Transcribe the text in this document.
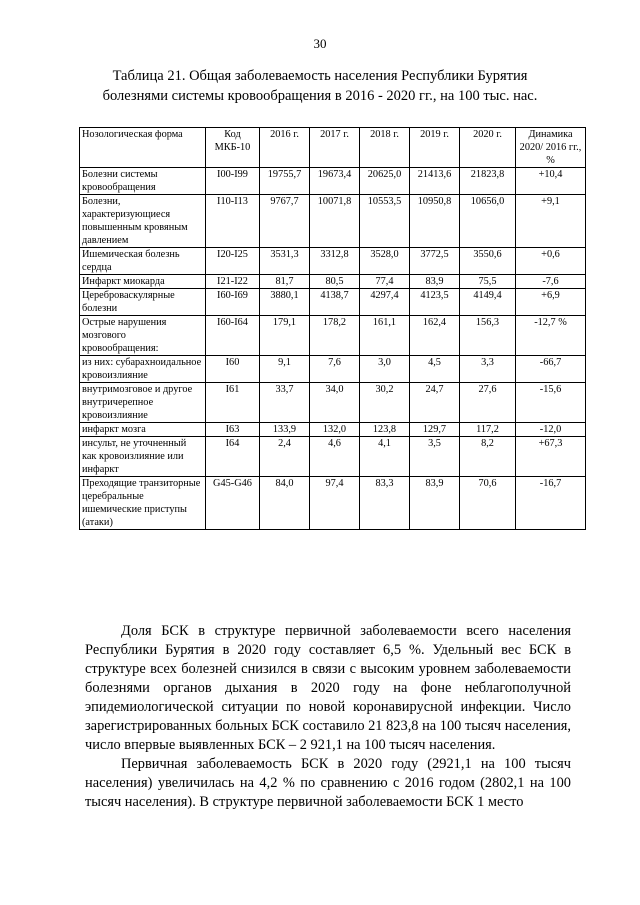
30
Таблица 21. Общая заболеваемость населения Республики Бурятия
болезнями системы кровообращения в 2016 - 2020 гг., на 100 тыс. нас.
Нозологическая форма	Код МКБ-10	2016 г.	2017 г.	2018 г.	2019 г.	2020 г.	Динамика 2020/ 2016 гг., %
Болезни системы кровообращения	I00-I99	19755,7	19673,4	20625,0	21413,6	21823,8	+10,4
Болезни, характеризующиеся повышенным кровяным давлением	I10-I13	9767,7	10071,8	10553,5	10950,8	10656,0	+9,1
Ишемическая болезнь сердца	I20-I25	3531,3	3312,8	3528,0	3772,5	3550,6	+0,6
Инфаркт миокарда	I21-I22	81,7	80,5	77,4	83,9	75,5	-7,6
Цереброваскулярные болезни	I60-I69	3880,1	4138,7	4297,4	4123,5	4149,4	+6,9
Острые нарушения мозгового кровообращения:	I60-I64	179,1	178,2	161,1	162,4	156,3	-12,7 %
из них: субарахноидальное кровоизлияние	I60	9,1	7,6	3,0	4,5	3,3	-66,7
внутримозговое и другое внутричерепное кровоизлияние	I61	33,7	34,0	30,2	24,7	27,6	-15,6
инфаркт мозга	I63	133,9	132,0	123,8	129,7	117,2	-12,0
инсульт, не уточненный как кровоизлияние или инфаркт	I64	2,4	4,6	4,1	3,5	8,2	+67,3
Преходящие транзиторные церебральные ишемические приступы (атаки)	G45-G46	84,0	97,4	83,3	83,9	70,6	-16,7

Доля БСК в структуре первичной заболеваемости всего населения Республики Бурятия в 2020 году составляет 6,5 %. Удельный вес БСК в структуре всех болезней снизился в связи с высоким уровнем заболеваемости болезнями органов дыхания в 2020 году на фоне неблагополучной эпидемиологической ситуации по новой коронавирусной инфекции. Число зарегистрированных больных БСК составило 21 823,8 на 100 тысяч населения, число впервые выявленных БСК – 2 921,1 на 100 тысяч населения.

Первичная заболеваемость БСК в 2020 году (2921,1 на 100 тысяч населения) увеличилась на 4,2 % по сравнению с 2016 годом (2802,1 на 100 тысяч населения). В структуре первичной заболеваемости БСК 1 место
